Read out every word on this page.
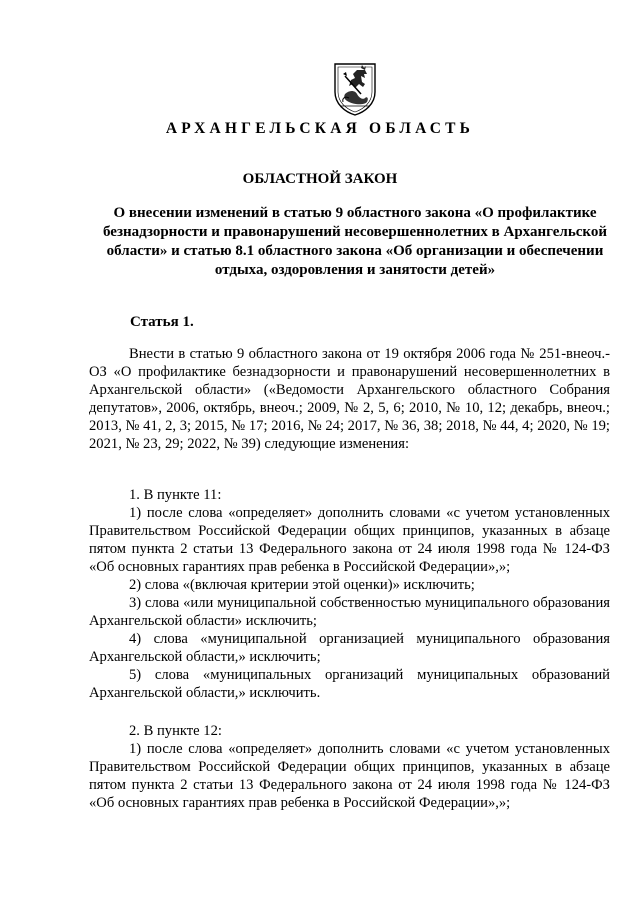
АРХАНГЕЛЬСКАЯ ОБЛАСТЬ
ОБЛАСТНОЙ ЗАКОН
О внесении изменений в статью 9 областного закона «О профилактике безнадзорности и правонарушений несовершеннолетних в Архангельской области» и статью 8.1 областного закона «Об организации и обеспечении отдыха, оздоровления и занятости детей»
Статья 1.

Внести в статью 9 областного закона от 19 октября 2006 года № 251-внеоч.-ОЗ «О профилактике безнадзорности и правонарушений несовершеннолетних в Архангельской области» («Ведомости Архангельского областного Собрания депутатов», 2006, октябрь, внеоч.; 2009, № 2, 5, 6; 2010, № 10, 12; декабрь, внеоч.; 2013, № 41, 2, 3; 2015, № 17; 2016, № 24; 2017, № 36, 38; 2018, № 44, 4; 2020, № 19; 2021, № 23, 29; 2022, № 39) следующие изменения:

1. В пункте 11:

1) после слова «определяет» дополнить словами «с учетом установленных Правительством Российской Федерации общих принципов, указанных в абзаце пятом пункта 2 статьи 13 Федерального закона от 24 июля 1998 года № 124-ФЗ «Об основных гарантиях прав ребенка в Российской Федерации»,»;

2) слова «(включая критерии этой оценки)» исключить;

3) слова «или муниципальной собственностью муниципального образования Архангельской области» исключить;

4) слова «муниципальной организацией муниципального образования Архангельской области,» исключить;

5) слова «муниципальных организаций муниципальных образований Архангельской области,» исключить.

2. В пункте 12:

1) после слова «определяет» дополнить словами «с учетом установленных Правительством Российской Федерации общих принципов, указанных в абзаце пятом пункта 2 статьи 13 Федерального закона от 24 июля 1998 года № 124-ФЗ «Об основных гарантиях прав ребенка в Российской Федерации»,»;
